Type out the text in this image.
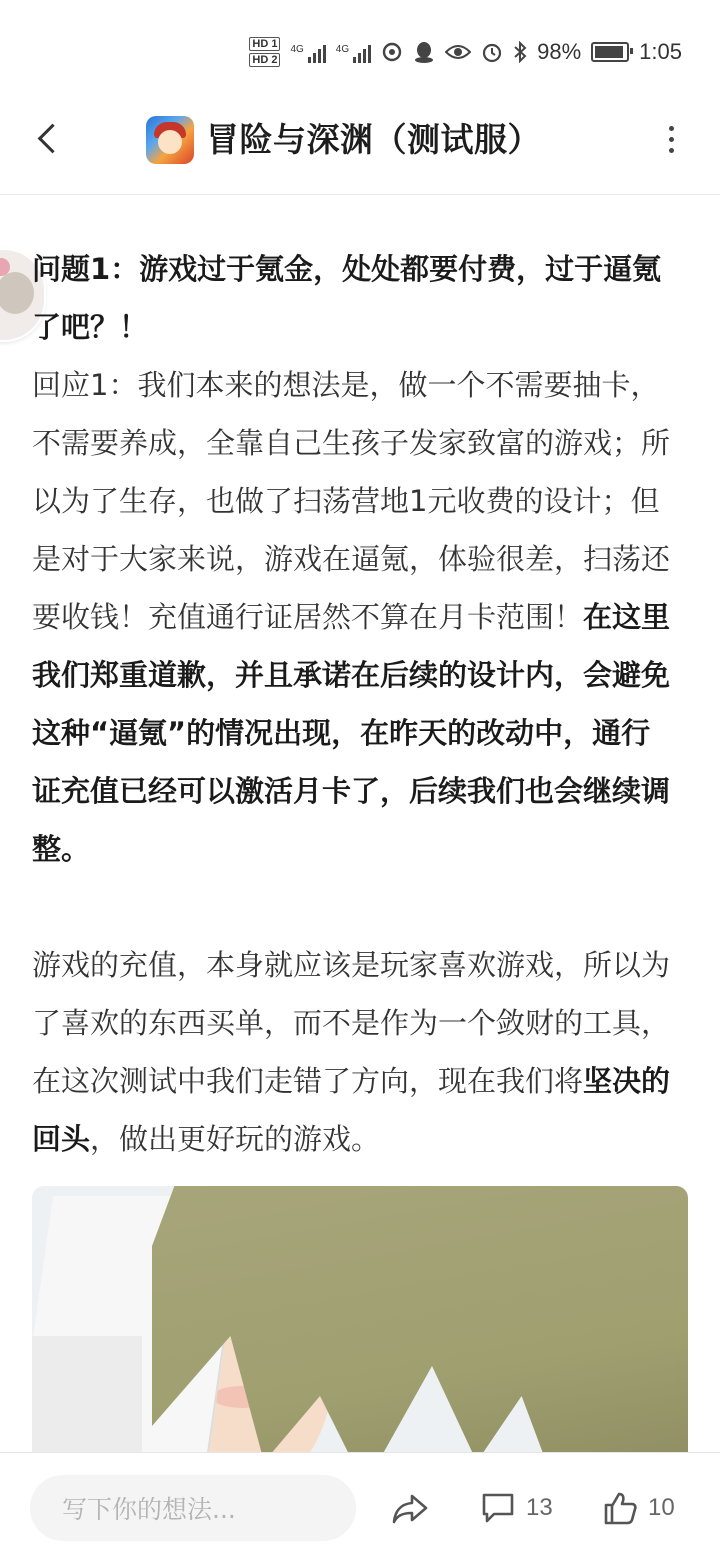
HD 1
HD 2
4G	4G	98%	1:05
冒险与深渊（测试服）

问题1：游戏过于氪金，处处都要付费，过于逼氪了吧？！

回应1：我们本来的想法是，做一个不需要抽卡，不需要养成，全靠自己生孩子发家致富的游戏；所以为了生存，也做了扫荡营地1元收费的设计；但是对于大家来说，游戏在逼氪，体验很差，扫荡还要收钱！充值通行证居然不算在月卡范围！在这里我们郑重道歉，并且承诺在后续的设计内，会避免这种“逼氪”的情况出现，在昨天的改动中，通行证充值已经可以激活月卡了，后续我们也会继续调整。

游戏的充值，本身就应该是玩家喜欢游戏，所以为了喜欢的东西买单，而不是作为一个敛财的工具，在这次测试中我们走错了方向，现在我们将坚决的回头，做出更好玩的游戏。

写下你的想法...
13	10
